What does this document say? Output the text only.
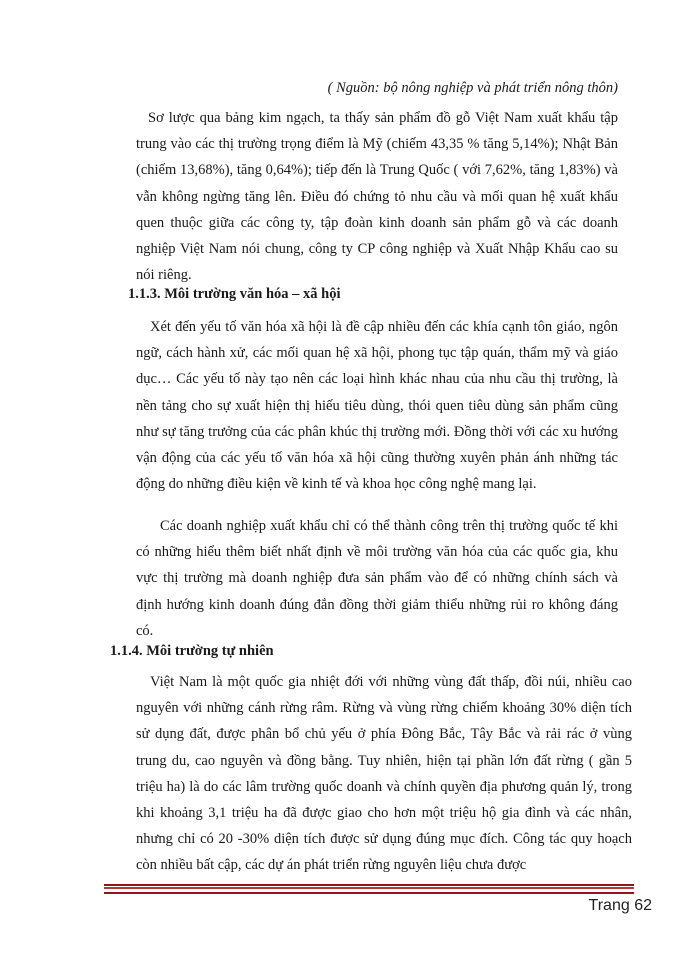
( Nguồn: bộ nông nghiệp và phát triển nông thôn)

Sơ lược qua bảng kim ngạch, ta thấy sản phẩm đồ gỗ Việt Nam xuất khẩu tập trung vào các thị trường trọng điểm là Mỹ (chiếm 43,35 % tăng 5,14%); Nhật Bản (chiếm 13,68%), tăng 0,64%); tiếp đến là Trung Quốc ( với 7,62%, tăng 1,83%) và vẫn không ngừng tăng lên. Điều đó chứng tỏ nhu cầu và mối quan hệ xuất khẩu quen thuộc giữa các công ty, tập đoàn kinh doanh sản phẩm gỗ và các doanh nghiệp Việt Nam nói chung, công ty CP công nghiệp và Xuất Nhập Khẩu cao su nói riêng.

1.1.3. Môi trường văn hóa – xã hội

Xét đến yếu tố văn hóa xã hội là đề cập nhiều đến các khía cạnh tôn giáo, ngôn ngữ, cách hành xử, các mối quan hệ xã hội, phong tục tập quán, thẩm mỹ và giáo dục… Các yếu tố này tạo nên các loại hình khác nhau của nhu cầu thị trường, là nền tảng cho sự xuất hiện thị hiếu tiêu dùng, thói quen tiêu dùng sản phẩm cũng như sự tăng trưởng của các phân khúc thị trường mới. Đồng thời với các xu hướng vận động của các yếu tố văn hóa xã hội cũng thường xuyên phản ánh những tác động do những điều kiện về kinh tế và khoa học công nghệ mang lại.

Các doanh nghiệp xuất khẩu chỉ có thể thành công trên thị trường quốc tế khi có những hiểu thêm biết nhất định về môi trường văn hóa của các quốc gia, khu vực thị trường mà doanh nghiệp đưa sản phẩm vào để có những chính sách và định hướng kinh doanh đúng đắn đồng thời giảm thiểu những rủi ro không đáng có.

1.1.4. Môi trường tự nhiên

Việt Nam là một quốc gia nhiệt đới với những vùng đất thấp, đồi núi, nhiều cao nguyên với những cánh rừng râm. Rừng và vùng rừng chiếm khoảng 30% diện tích sử dụng đất, được phân bổ chủ yếu ở phía Đông Bắc, Tây Bắc và rải rác ở vùng trung du, cao nguyên và đồng bằng. Tuy nhiên, hiện tại phần lớn đất rừng ( gần 5 triệu ha) là do các lâm trường quốc doanh và chính quyền địa phương quản lý, trong khi khoảng 3,1 triệu ha đã được giao cho hơn một triệu hộ gia đình và các nhân, nhưng chỉ có 20 -30% diện tích được sử dụng đúng mục đích. Công tác quy hoạch còn nhiều bất cập, các dự án phát triển rừng nguyên liệu chưa được

Trang 62
